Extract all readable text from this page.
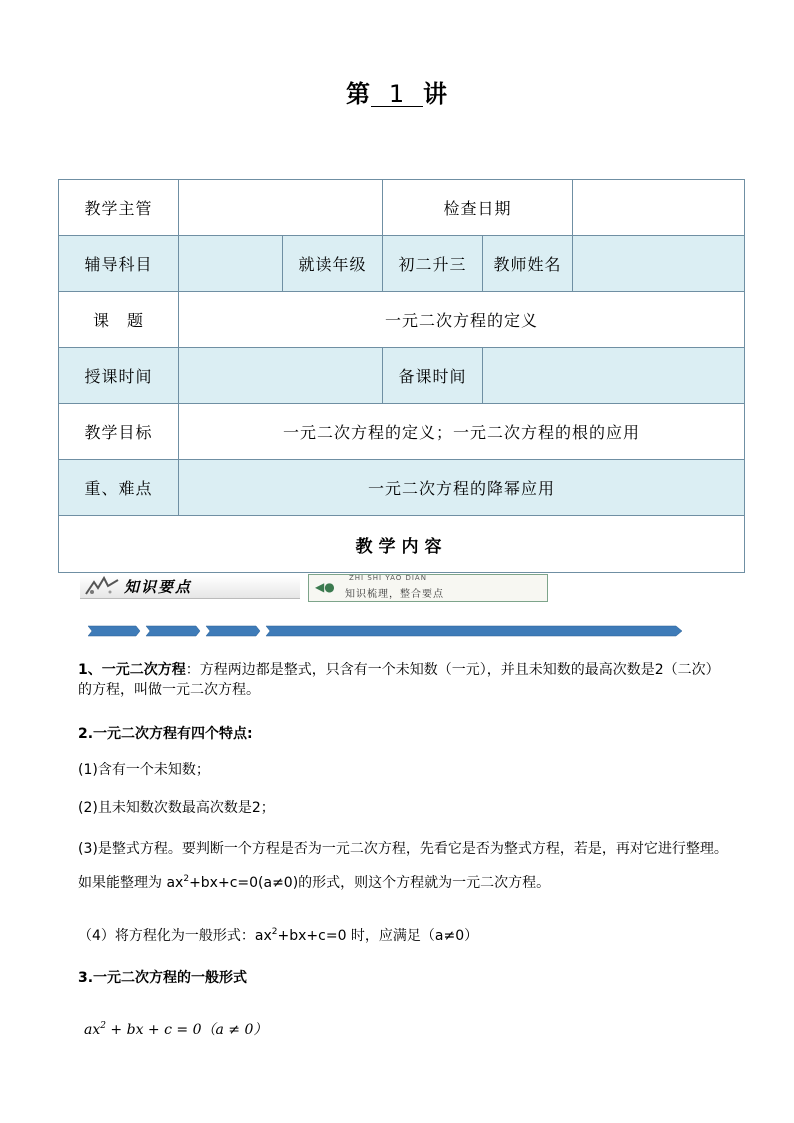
第 1 讲
教学主管			检查日期		
辅导科目		就读年级	初二升三	教师姓名	
课　题	一元二次方程的定义				
授课时间			备课时间		
教学目标	一元二次方程的定义；一元二次方程的根的应用				
重、难点	一元二次方程的降幂应用				
教学内容					
知识要点	◀●
ZHI SHI YAO DIAN
知识梳理，整合要点
1、一元二次方程：方程两边都是整式，只含有一个未知数（一元），并且未知数的最高次数是2（二次）的方程，叫做一元二次方程。
2.一元二次方程有四个特点:
(1)含有一个未知数；
(2)且未知数次数最高次数是2；
(3)是整式方程。要判断一个方程是否为一元二次方程，先看它是否为整式方程，若是，再对它进行整理。 如果能整理为 $ax^2+bx+c=0(a\ne 0)$的形式，则这个方程就为一元二次方程。
（4）将方程化为一般形式：$ax^2+bx+c=0$ 时，应满足（a≠0）
3.一元二次方程的一般形式
$ax^2$ + bx + c = 0（a ≠ 0）
